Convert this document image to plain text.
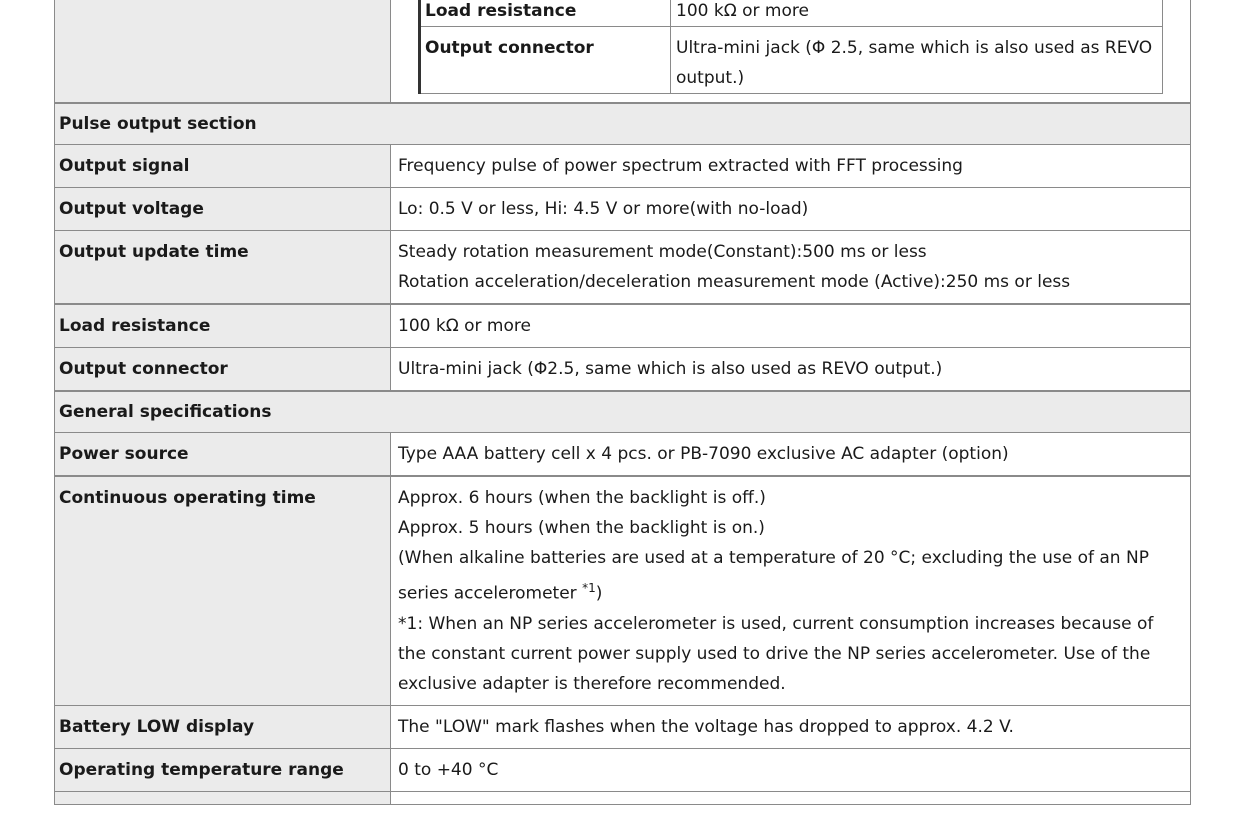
Load resistance	100 kΩ or more
Output connector	Ultra-mini jack (Φ 2.5, same which is also used as REVO output.)

Pulse output section
Output signal	Frequency pulse of power spectrum extracted with FFT processing
Output voltage	Lo: 0.5 V or less, Hi: 4.5 V or more(with no-load)
Output update time	Steady rotation measurement mode(Constant):500 ms or less
Rotation acceleration/deceleration measurement mode (Active):250 ms or less

Load resistance	100 kΩ or more
Output connector	Ultra-mini jack (Φ2.5, same which is also used as REVO output.)
General specifications
Power source	Type AAA battery cell x 4 pcs. or PB-7090 exclusive AC adapter (option)
Continuous operating time	Approx. 6 hours (when the backlight is off.)
Approx. 5 hours (when the backlight is on.)
(When alkaline batteries are used at a temperature of 20 °C; excluding the use of an NP series accelerometer $^{*1}$)
*1: When an NP series accelerometer is used, current consumption increases because of the constant current power supply used to drive the NP series accelerometer. Use of the exclusive adapter is therefore recommended.

Battery LOW display	The "LOW" mark flashes when the voltage has dropped to approx. 4.2 V.
Operating temperature range	0 to +40 °C
